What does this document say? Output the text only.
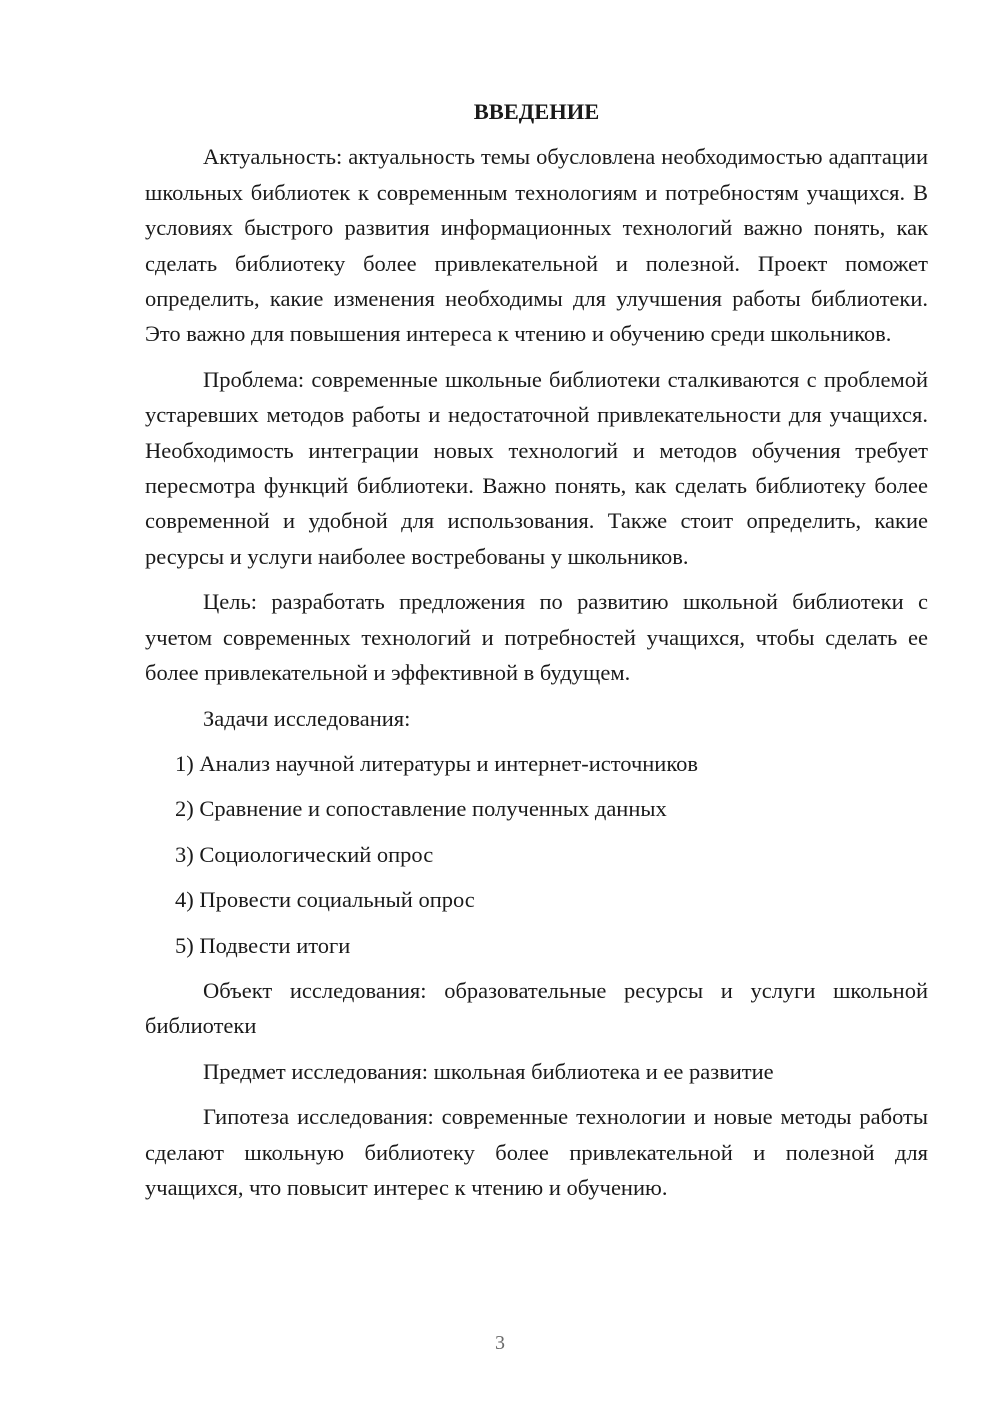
ВВЕДЕНИЕ

Актуальность: актуальность темы обусловлена необходимостью адаптации школьных библиотек к современным технологиям и потребностям учащихся. В условиях быстрого развития информационных технологий важно понять, как сделать библиотеку более привлекательной и полезной. Проект поможет определить, какие изменения необходимы для улучшения работы библиотеки. Это важно для повышения интереса к чтению и обучению среди школьников.

Проблема: современные школьные библиотеки сталкиваются с проблемой устаревших методов работы и недостаточной привлекательности для учащихся. Необходимость интеграции новых технологий и методов обучения требует пересмотра функций библиотеки. Важно понять, как сделать библиотеку более современной и удобной для использования. Также стоит определить, какие ресурсы и услуги наиболее востребованы у школьников.

Цель: разработать предложения по развитию школьной библиотеки с учетом современных технологий и потребностей учащихся, чтобы сделать ее более привлекательной и эффективной в будущем.

Задачи исследования:

1) Анализ научной литературы и интернет-источников
2) Сравнение и сопоставление полученных данных
3) Социологический опрос
4) Провести социальный опрос
5) Подвести итоги

Объект исследования: образовательные ресурсы и услуги школьной библиотеки

Предмет исследования: школьная библиотека и ее развитие

Гипотеза исследования: современные технологии и новые методы работы сделают школьную библиотеку более привлекательной и полезной для учащихся, что повысит интерес к чтению и обучению.

3
